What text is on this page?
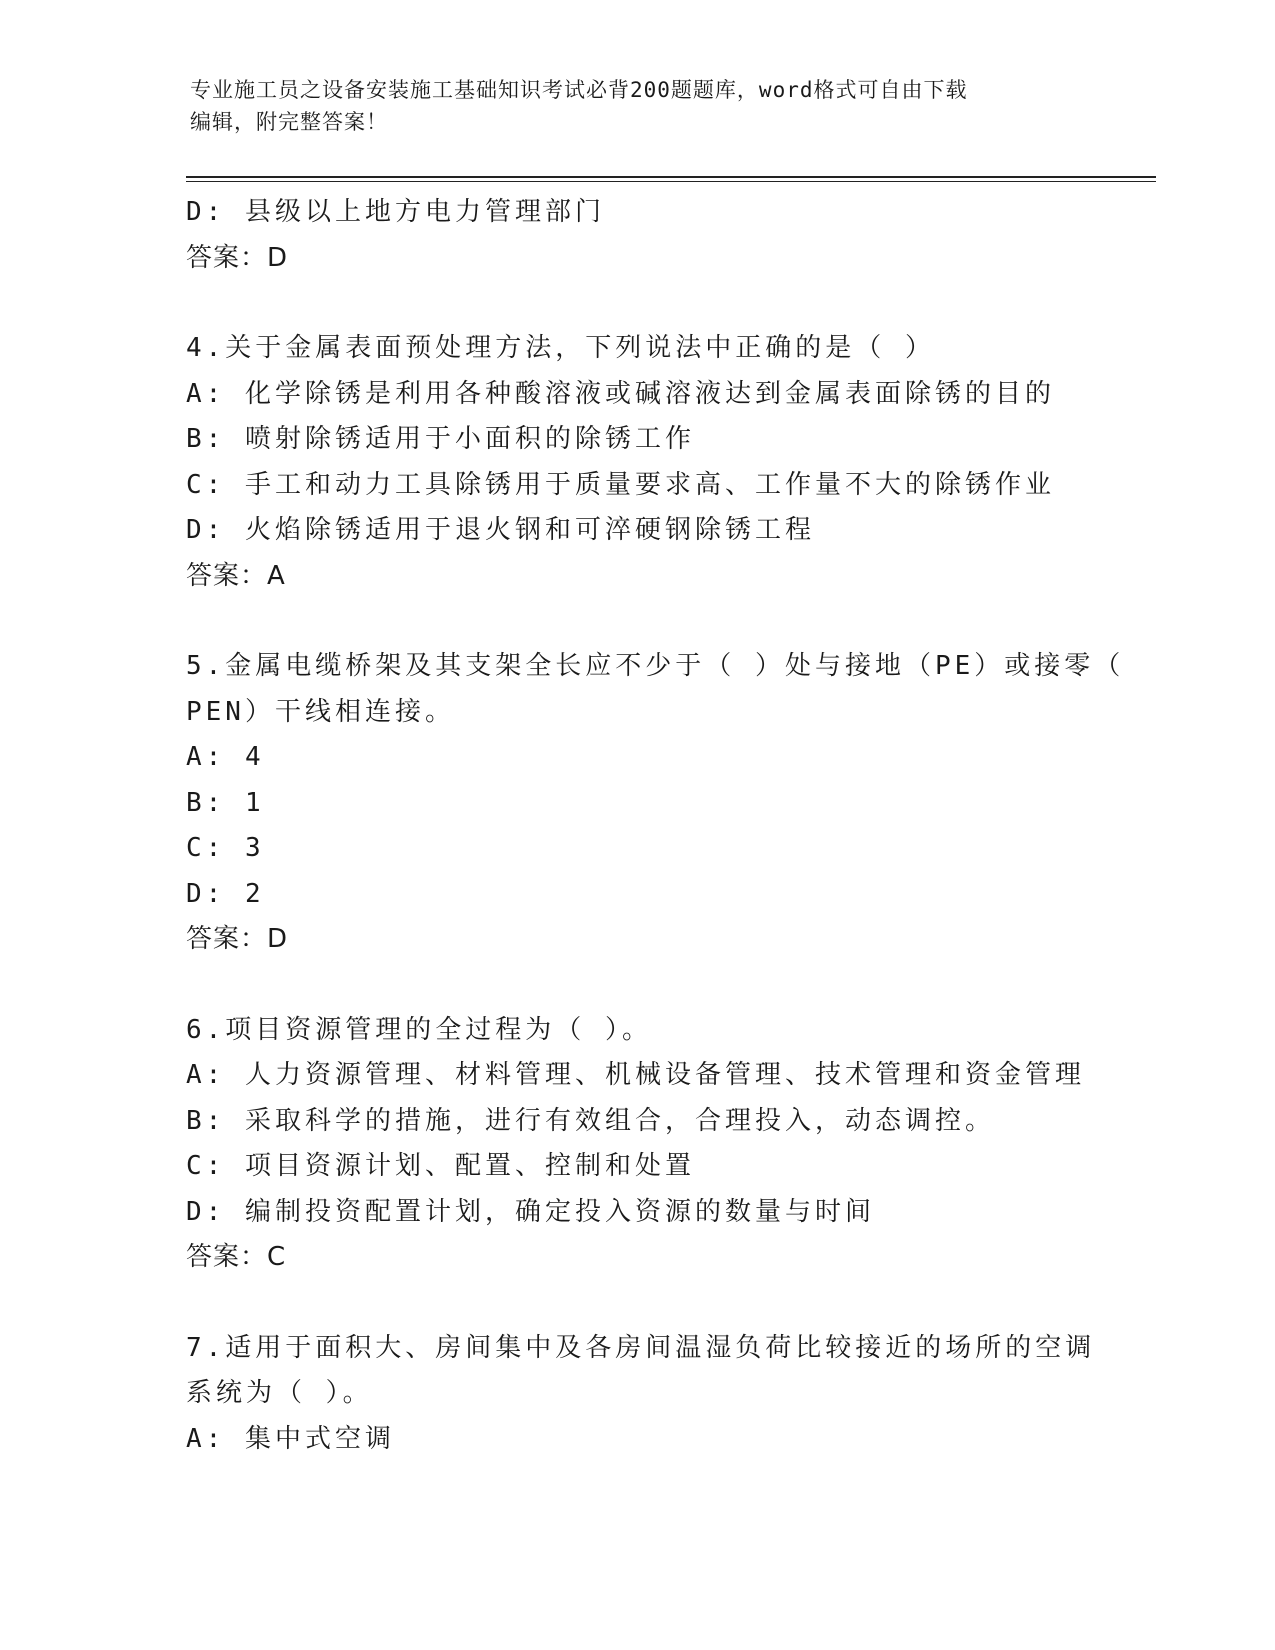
专业施工员之设备安装施工基础知识考试必背200题题库，word格式可自由下载
编辑，附完整答案！
D: 县级以上地方电力管理部门
答案：D
4.关于金属表面预处理方法，下列说法中正确的是（ ）
A: 化学除锈是利用各种酸溶液或碱溶液达到金属表面除锈的目的
B: 喷射除锈适用于小面积的除锈工作
C: 手工和动力工具除锈用于质量要求高、工作量不大的除锈作业
D: 火焰除锈适用于退火钢和可淬硬钢除锈工程
答案：A
5.金属电缆桥架及其支架全长应不少于（ ）处与接地（PE）或接零（
PEN）干线相连接。
A: 4
B: 1
C: 3
D: 2
答案：D
6.项目资源管理的全过程为（ ）。
A: 人力资源管理、材料管理、机械设备管理、技术管理和资金管理
B: 采取科学的措施，进行有效组合，合理投入，动态调控。
C: 项目资源计划、配置、控制和处置
D: 编制投资配置计划，确定投入资源的数量与时间
答案：C
7.适用于面积大、房间集中及各房间温湿负荷比较接近的场所的空调
系统为（ ）。
A: 集中式空调
